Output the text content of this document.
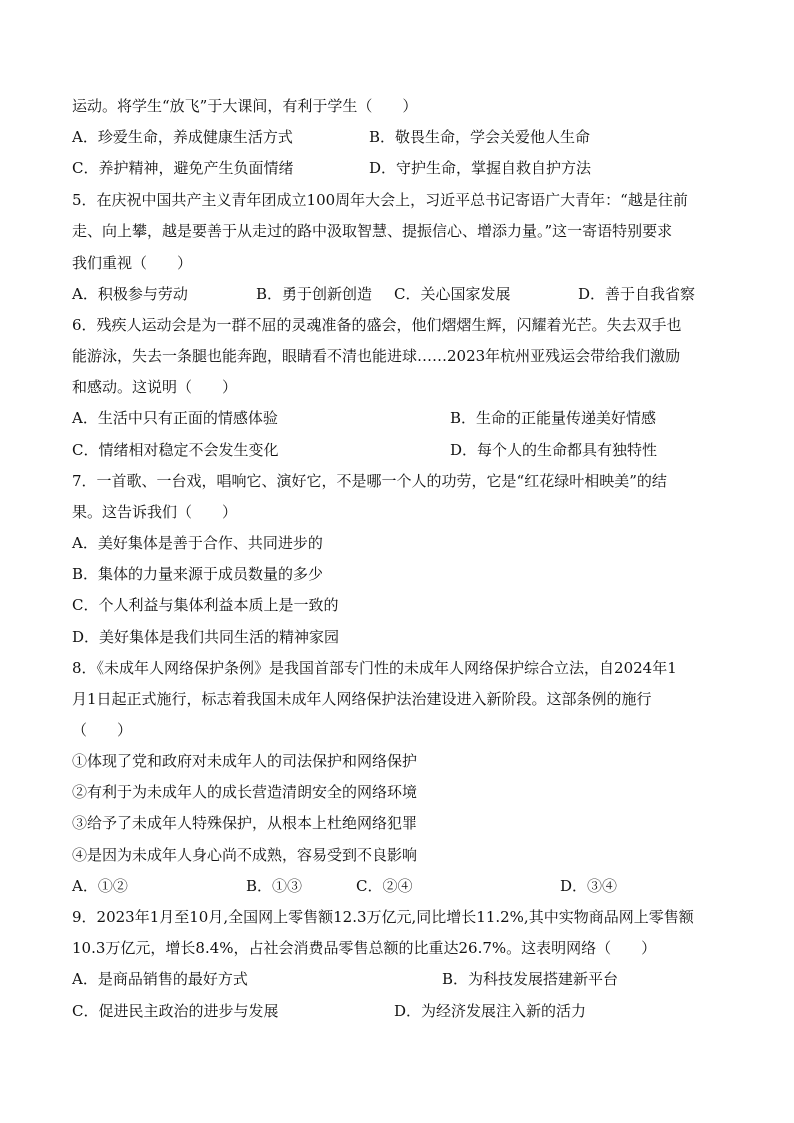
运动。将学生“放飞”于大课间，有利于学生（　　）
A．珍爱生命，养成健康生活方式	B．敬畏生命，学会关爱他人生命
C．养护精神，避免产生负面情绪	D．守护生命，掌握自救自护方法
5．在庆祝中国共产主义青年团成立100周年大会上，习近平总书记寄语广大青年：“越是往前
走、向上攀，越是要善于从走过的路中汲取智慧、提振信心、增添力量。”这一寄语特别要求
我们重视（　　）
A．积极参与劳动	B．勇于创新创造 C．关心国家发展	D．善于自我省察
6．残疾人运动会是为一群不屈的灵魂准备的盛会，他们熠熠生辉，闪耀着光芒。失去双手也
能游泳，失去一条腿也能奔跑，眼睛看不清也能进球……2023年杭州亚残运会带给我们激励
和感动。这说明（　　）
A．生活中只有正面的情感体验	B．生命的正能量传递美好情感
C．情绪相对稳定不会发生变化	D．每个人的生命都具有独特性
7．一首歌、一台戏，唱响它、演好它，不是哪一个人的功劳，它是“红花绿叶相映美”的结
果。这告诉我们（　　）
A．美好集体是善于合作、共同进步的
B．集体的力量来源于成员数量的多少
C．个人利益与集体利益本质上是一致的
D．美好集体是我们共同生活的精神家园
8．《未成年人网络保护条例》是我国首部专门性的未成年人网络保护综合立法，自2024年1
月1日起正式施行，标志着我国未成年人网络保护法治建设进入新阶段。这部条例的施行
（　　）
①体现了党和政府对未成年人的司法保护和网络保护
②有利于为未成年人的成长营造清朗安全的网络环境
③给予了未成年人特殊保护，从根本上杜绝网络犯罪
④是因为未成年人身心尚不成熟，容易受到不良影响
A．①②	B．①③	C．②④	D．③④
9．2023年1月至10月,全国网上零售额12.3万亿元,同比增长11.2%,其中实物商品网上零售额
10.3万亿元，增长8.4%，占社会消费品零售总额的比重达26.7%。这表明网络（　　）
A．是商品销售的最好方式	B．为科技发展搭建新平台
C．促进民主政治的进步与发展	D．为经济发展注入新的活力
